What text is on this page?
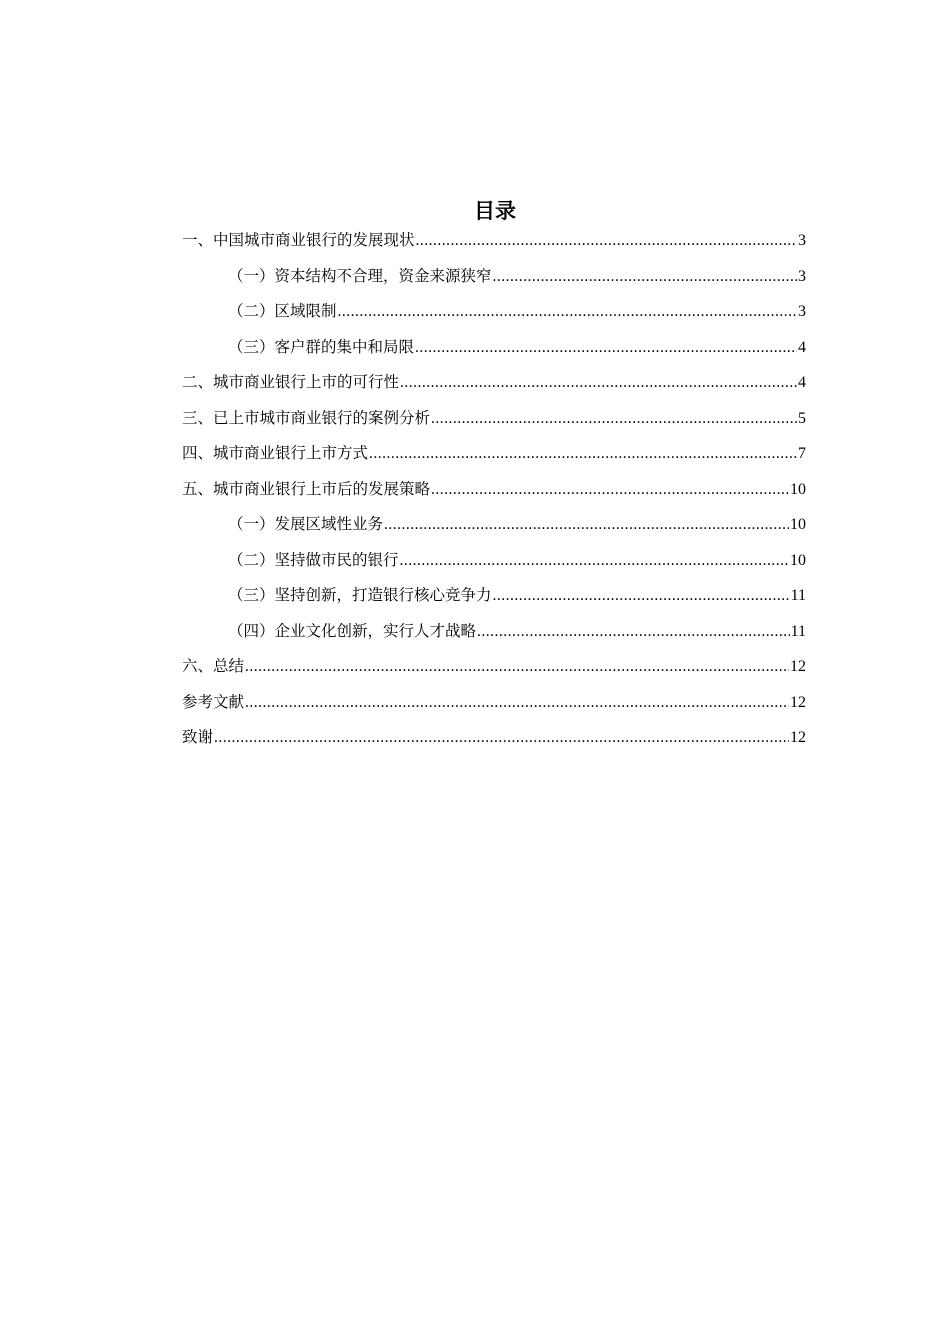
目录
一、中国城市商业银行的发展现状 .....	3
（一）资本结构不合理，资金来源狭窄 .....	3
（二）区域限制 .....	3
（三）客户群的集中和局限 .....	4
二、城市商业银行上市的可行性 .....	4
三、已上市城市商业银行的案例分析 .....	5
四、城市商业银行上市方式 .....	7
五、城市商业银行上市后的发展策略 .....	10
（一）发展区域性业务 .....	10
（二）坚持做市民的银行 .....	10
（三）坚持创新，打造银行核心竞争力 .....	11
（四）企业文化创新，实行人才战略 .....	11
六、总结 .....	12
参考文献 .....	12
致谢 .....	12
